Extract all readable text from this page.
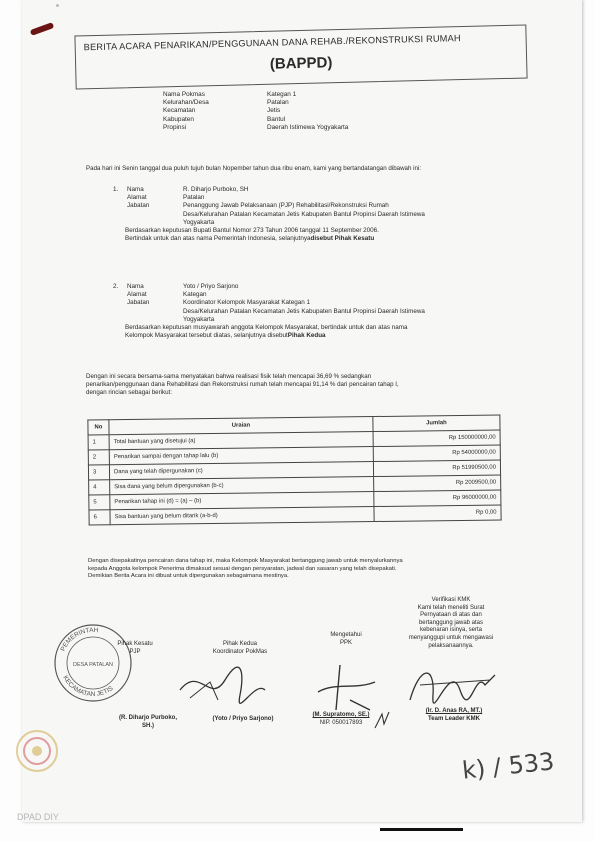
BERITA ACARA PENARIKAN/PENGGUNAAN DANA REHAB./REKONSTRUKSI RUMAH
(BAPPD)
Nama Pokmas	Kategan 1
Kelurahan/Desa	Patalan
Kecamatan	Jetis
Kabupaten	Bantul
Propinsi	Daerah Istimewa Yogyakarta
Pada hari ini Senin tanggal dua puluh tujuh bulan Nopember tahun dua ribu enam, kami yang bertandatangan dibawah ini:
1.	Nama	R. Diharjo Purboko, SH
Alamat	Patalan
Jabatan	Penanggung Jawab Pelaksanaan (PJP) Rehabilitasi/Rekonstruksi Rumah
Desa/Kelurahan Patalan Kecamatan Jetis Kabupaten Bantul Propinsi Daerah Istimewa
Yogyakarta
Berdasarkan keputusan Bupati Bantul Nomor 273 Tahun 2006 tanggal 11 September 2006.
Bertindak untuk dan atas nama Pemerintah Indonesia, selanjutnya disebut Pihak Kesatu
2.	Nama	Yoto / Priyo Sarjono
Alamat	Kategan
Jabatan	Koordinator Kelompok Masyarakat Kategan 1
Desa/Kelurahan Patalan Kecamatan Jetis Kabupaten Bantul Propinsi Daerah Istimewa
Yogyakarta
Berdasarkan keputusan musyawarah anggota Kelompok Masyarakat, bertindak untuk dan atas nama
Kelompok Masyarakat tersebut diatas, selanjutnya disebut Pihak Kedua
Dengan ini secara bersama-sama menyatakan bahwa realisasi fisik telah mencapai 36,69 % sedangkan
penarikan/penggunaan dana Rehabilitasi dan Rekonstruksi rumah telah mencapai 91,14 % dari pencairan tahap I,
dengan rincian sebagai berikut:
No	Uraian	Jumlah
1	Total bantuan yang disetujui (a)	Rp 150000000,00
2	Penarikan sampai dengan tahap lalu (b)	Rp 54000000,00
3	Dana yang telah dipergunakan (c)	Rp 51990500,00
4	Sisa dana yang belum dipergunakan (b-c)	Rp 2009500,00
5	Penarikan tahap ini (d) = (a) – (b)	Rp 96000000,00
6	Sisa bantuan yang belum ditarik (a-b-d)	Rp 0,00
Dengan disepakatinya pencairan dana tahap ini, maka Kelompok Masyarakat bertanggung jawab untuk menyalurkannya
kepada Anggota kelompok Penerima dimaksud sesuai dengan persyaratan, jadwal dan sasaran yang telah disepakati.
Demikian Berita Acara ini dibuat untuk dipergunakan sebagaimana mestinya.
Verifikasi KMK
Kami telah meneliti Surat
Pernyataan di atas dan
bertanggung jawab atas
kebenaran isinya, serta
menyanggupi untuk mengawasi
pelaksanaannya.
PEMERINTAH
KECAMATAN JETIS
DESA PATALAN
Pihak Kesatu
PJP
(R. Diharjo Purboko,
SH.)
Pihak Kedua
Koordinator PokMas
(Yoto / Priyo Sarjono)
Mengetahui
PPK
(M. Supratomo, SE.)
NIP. 050017893
(Ir. D. Anas RA, MT.)
Team Leader KMK
k) / 533
DPAD DIY
